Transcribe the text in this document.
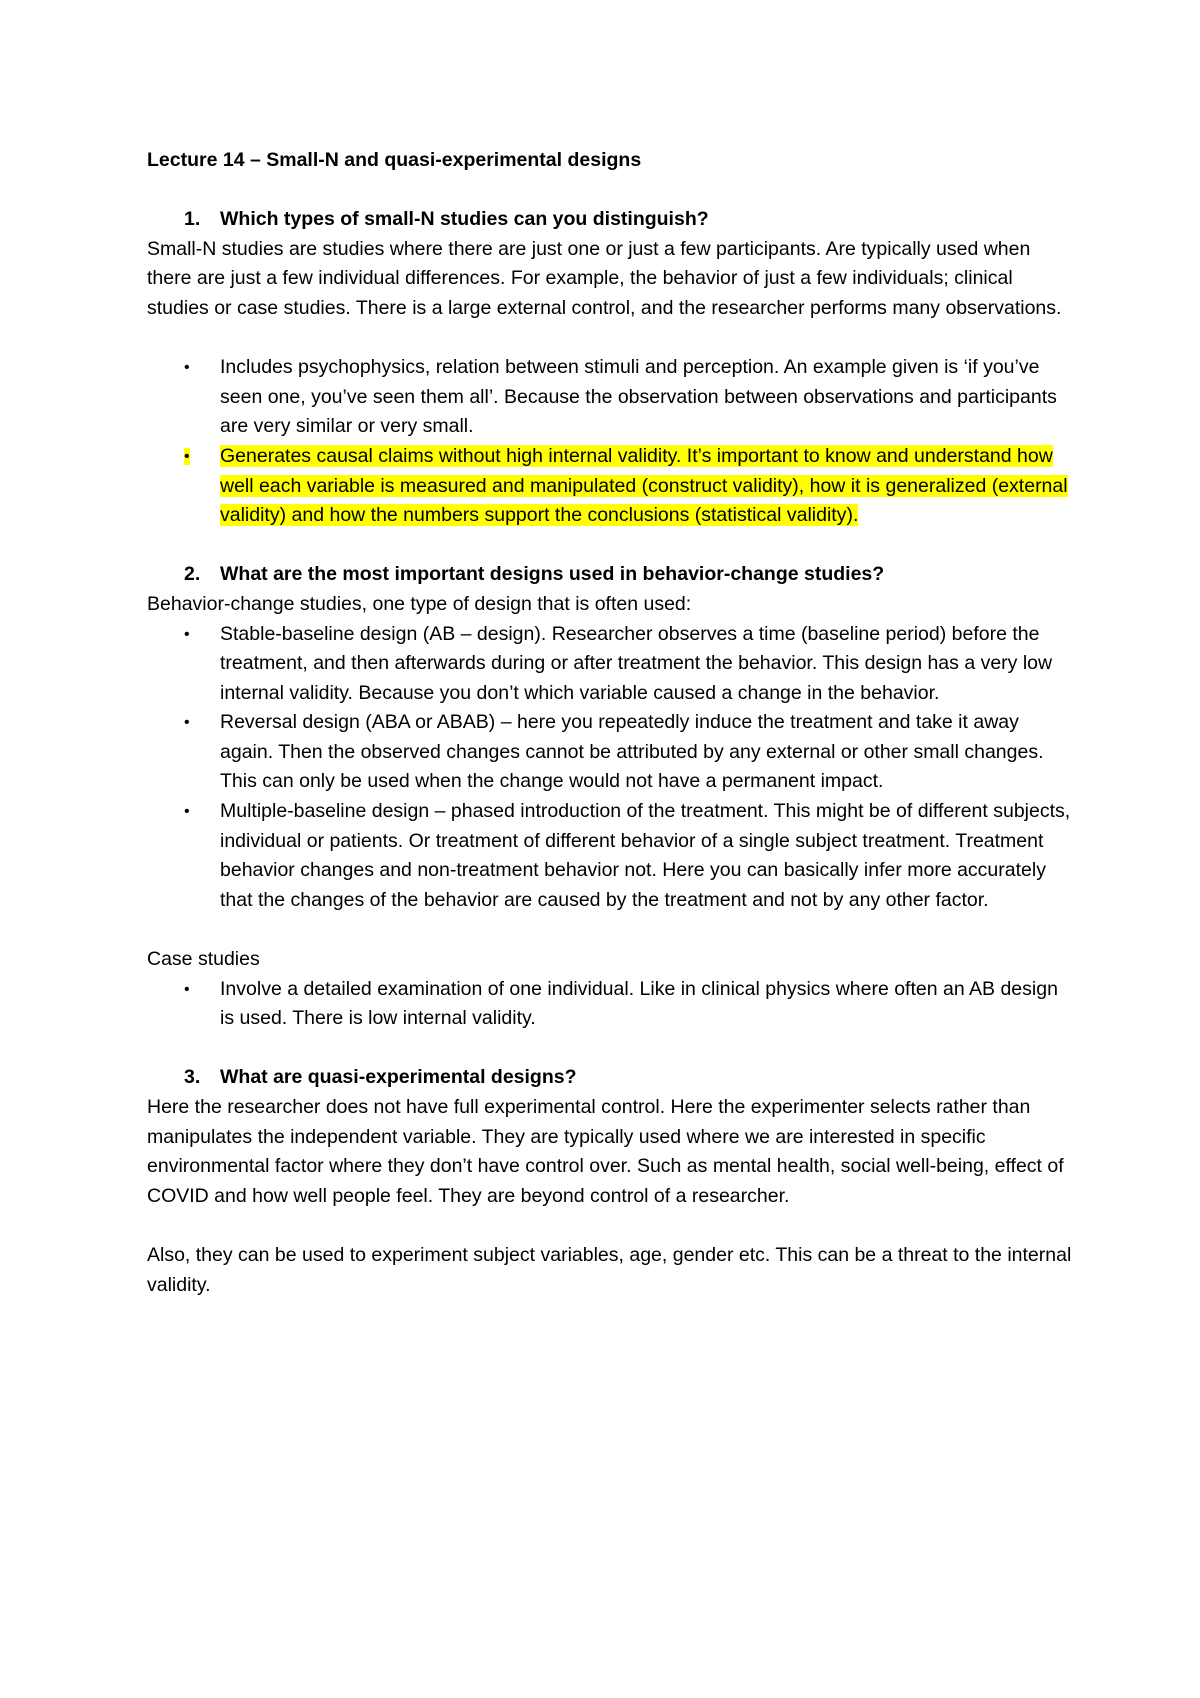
Lecture 14 – Small-N and quasi-experimental designs

1.	Which types of small-N studies can you distinguish?

Small-N studies are studies where there are just one or just a few participants. Are typically used when there are just a few individual differences. For example, the behavior of just a few individuals; clinical studies or case studies. There is a large external control, and the researcher performs many observations.

•	Includes psychophysics, relation between stimuli and perception. An example given is ‘if you’ve seen one, you’ve seen them all’. Because the observation between observations and participants are very similar or very small.
•	Generates causal claims without high internal validity. It’s important to know and understand how well each variable is measured and manipulated (construct validity), how it is generalized (external validity) and how the numbers support the conclusions (statistical validity).
2.	What are the most important designs used in behavior-change studies?

Behavior-change studies, one type of design that is often used:

•	Stable-baseline design (AB – design). Researcher observes a time (baseline period) before the treatment, and then afterwards during or after treatment the behavior. This design has a very low internal validity. Because you don’t which variable caused a change in the behavior.
•	Reversal design (ABA or ABAB) – here you repeatedly induce the treatment and take it away again. Then the observed changes cannot be attributed by any external or other small changes. This can only be used when the change would not have a permanent impact.
•	Multiple-baseline design – phased introduction of the treatment. This might be of different subjects, individual or patients. Or treatment of different behavior of a single subject treatment. Treatment behavior changes and non-treatment behavior not. Here you can basically infer more accurately that the changes of the behavior are caused by the treatment and not by any other factor.

Case studies

•	Involve a detailed examination of one individual. Like in clinical physics where often an AB design is used. There is low internal validity.
3.	What are quasi-experimental designs?

Here the researcher does not have full experimental control. Here the experimenter selects rather than manipulates the independent variable. They are typically used where we are interested in specific environmental factor where they don’t have control over. Such as mental health, social well-being, effect of COVID and how well people feel. They are beyond control of a researcher.

Also, they can be used to experiment subject variables, age, gender etc. This can be a threat to the internal validity.
